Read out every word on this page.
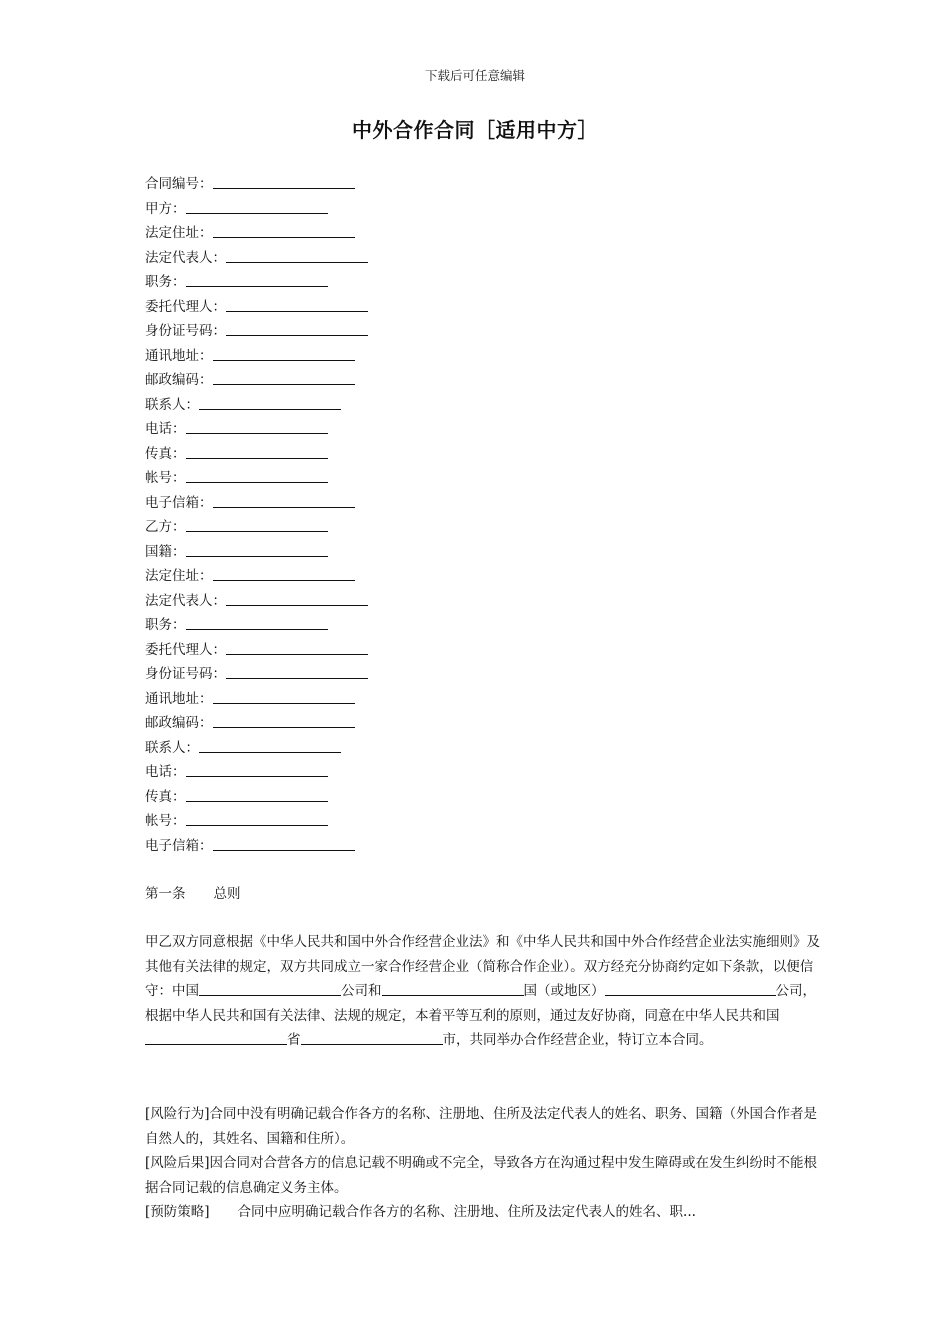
下载后可任意编辑
中外合作合同［适用中方］
合同编号：
甲方：
法定住址：
法定代表人：
职务：
委托代理人：
身份证号码：
通讯地址：
邮政编码：
联系人：
电话：
传真：
帐号：
电子信箱：
乙方：
国籍：
法定住址：
法定代表人：
职务：
委托代理人：
身份证号码：
通讯地址：
邮政编码：
联系人：
电话：
传真：
帐号：
电子信箱：
第一条 总则

甲乙双方同意根据《中华人民共和国中外合作经营企业法》和《中华人民共和国中外合作经营企业法实施细则》及其他有关法律的规定，双方共同成立一家合作经营企业（简称合作企业）。双方经充分协商约定如下条款，以便信守：中国	公司和	国（或地区）	公司，根据中华人民共和国有关法律、法规的规定，本着平等互利的原则，通过友好协商，同意在中华人民共和国省	市，共同举办合作经营企业，特订立本合同。

[风险行为]合同中没有明确记载合作各方的名称、注册地、住所及法定代表人的姓名、职务、国籍（外国合作者是自然人的，其姓名、国籍和住所）。

[风险后果]因合同对合营各方的信息记载不明确或不完全，导致各方在沟通过程中发生障碍或在发生纠纷时不能根据合同记载的信息确定义务主体。

[预防策略] 合同中应明确记载合作各方的名称、注册地、住所及法定代表人的姓名、职...
